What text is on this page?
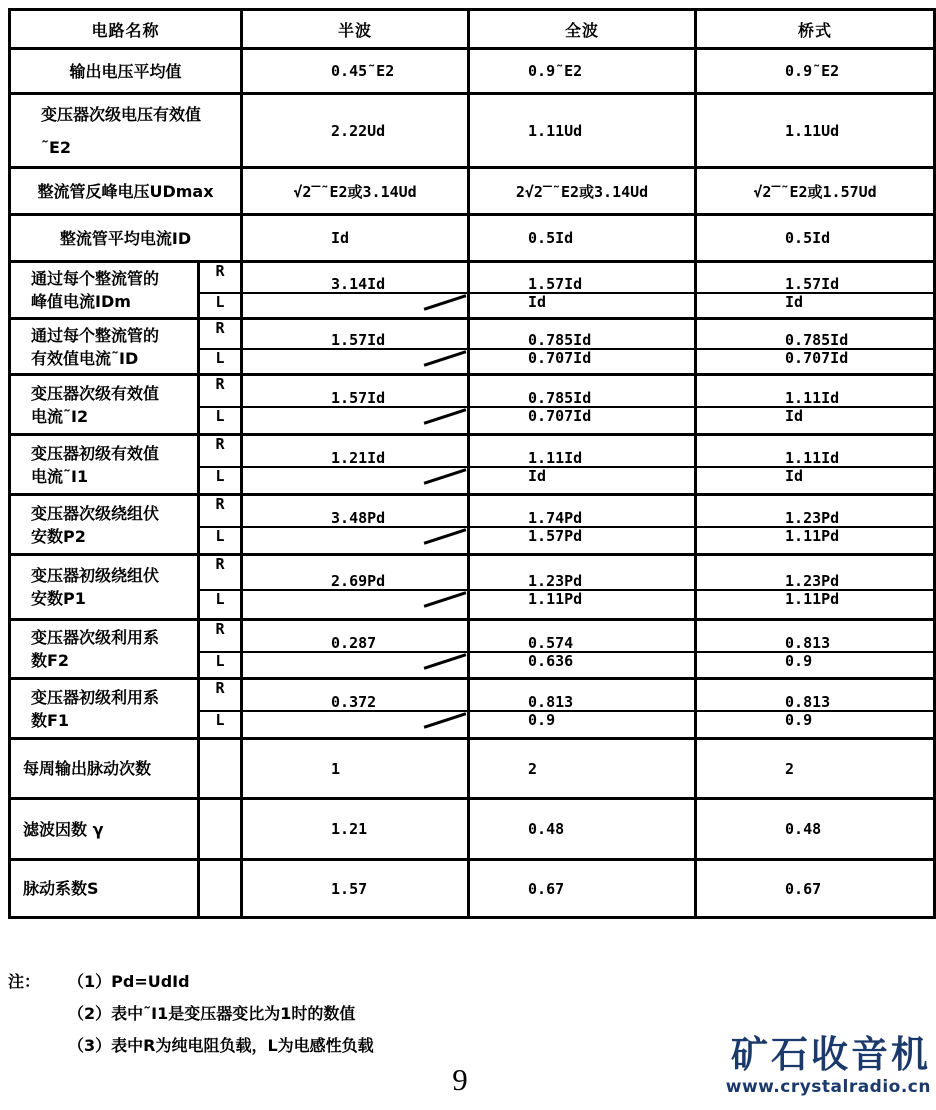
电路名称		半波	全波	桥式

输出电压平均值		0.45˜E2	0.9˜E2	0.9˜E2

变压器次级电压有效值
˜E2		2.22Ud	1.11Ud	1.11Ud

整流管反峰电压UDmax		√2̅ ˜E2或3.14Ud	2√2̅ ˜E2或3.14Ud	√2̅ ˜E2或1.57Ud

整流管平均电流ID		Id	0.5Id	0.5Id

通过每个整流管的
峰值电流IDm	R	3.14Id	1.57Id	1.57Id
	L		Id	Id

通过每个整流管的
有效值电流˜ID	R	1.57Id	0.785Id	0.785Id
	L		0.707Id	0.707Id

变压器次级有效值
电流˜I2	R	1.57Id	0.785Id	1.11Id
	L		0.707Id	Id

变压器初级有效值
电流˜I1	R	1.21Id	1.11Id	1.11Id
	L		Id	Id

变压器次级绕组伏
安数P2	R	3.48Pd	1.74Pd	1.23Pd
	L		1.57Pd	1.11Pd

变压器初级绕组伏
安数P1	R	2.69Pd	1.23Pd	1.23Pd
	L		1.11Pd	1.11Pd

变压器次级利用系
数F2	R	0.287	0.574	0.813
	L		0.636	0.9

变压器初级利用系
数F1	R	0.372	0.813	0.813
	L		0.9	0.9

每周输出脉动次数		1	2	2

滤波因数 γ		1.21	0.48	0.48

脉动系数S		1.57	0.67	0.67
注：	（1）Pd=UdId
（2）表中˜I1是变压器变比为1时的数值
（3）表中R为纯电阻负载，L为电感性负载
9
矿石收音机
www.crystalradio.cn
